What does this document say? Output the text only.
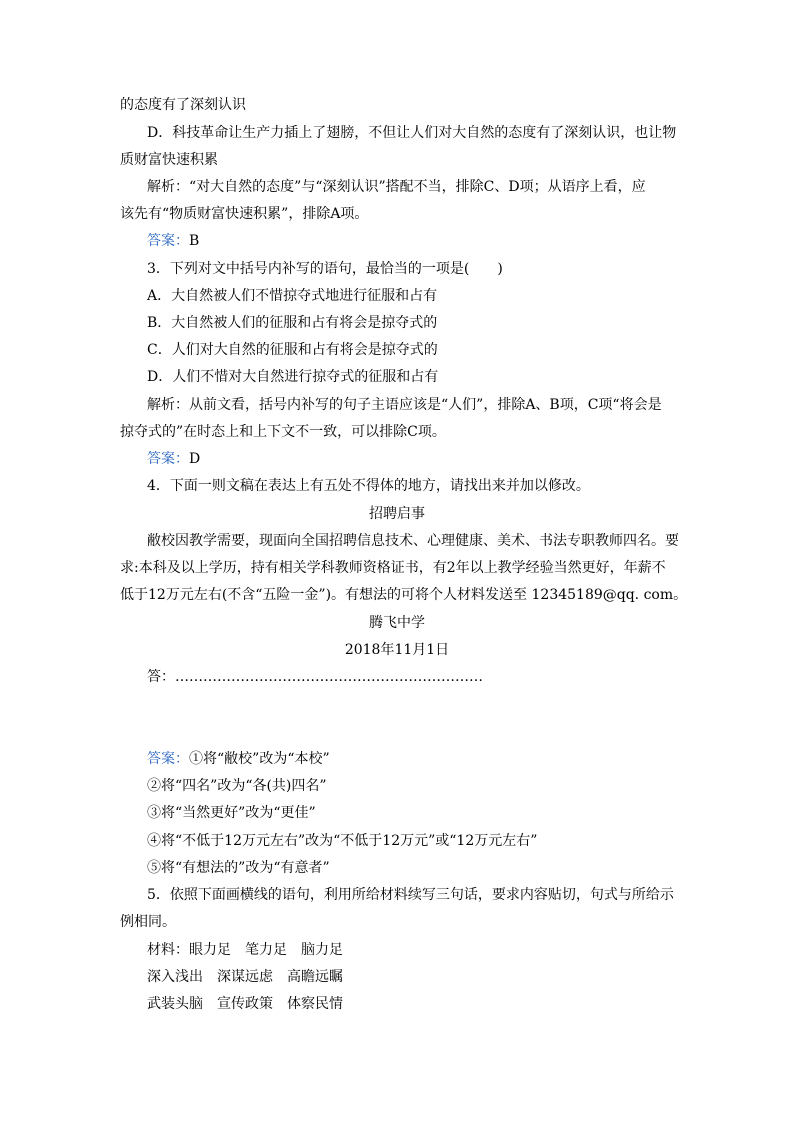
的态度有了深刻认识
D．科技革命让生产力插上了翅膀，不但让人们对大自然的态度有了深刻认识，也让物
质财富快速积累
解析：“对大自然的态度”与“深刻认识”搭配不当，排除C、D项；从语序上看，应
该先有“物质财富快速积累”，排除A项。
答案：B
3．下列对文中括号内补写的语句，最恰当的一项是(　　)
A．大自然被人们不惜掠夺式地进行征服和占有
B．大自然被人们的征服和占有将会是掠夺式的
C．人们对大自然的征服和占有将会是掠夺式的
D．人们不惜对大自然进行掠夺式的征服和占有
解析：从前文看，括号内补写的句子主语应该是“人们”，排除A、B项，C项“将会是
掠夺式的”在时态上和上下文不一致，可以排除C项。
答案：D
4．下面一则文稿在表达上有五处不得体的地方，请找出来并加以修改。
招聘启事
敝校因教学需要，现面向全国招聘信息技术、心理健康、美术、书法专职教师四名。要
求:本科及以上学历，持有相关学科教师资格证书，有2年以上教学经验当然更好，年薪不
低于12万元左右(不含“五险一金”)。有想法的可将个人材料发送至 12345189@qq. com。
腾飞中学
2018年11月1日
答：…………………………………………………………
答案：①将“敝校”改为“本校”
②将“四名”改为“各(共)四名”
③将“当然更好”改为“更佳”
④将“不低于12万元左右”改为“不低于12万元”或“12万元左右”
⑤将“有想法的”改为“有意者”
5．依照下面画横线的语句，利用所给材料续写三句话，要求内容贴切，句式与所给示
例相同。
材料：眼力足　笔力足　脑力足
深入浅出　深谋远虑　高瞻远瞩
武装头脑　宣传政策　体察民情
